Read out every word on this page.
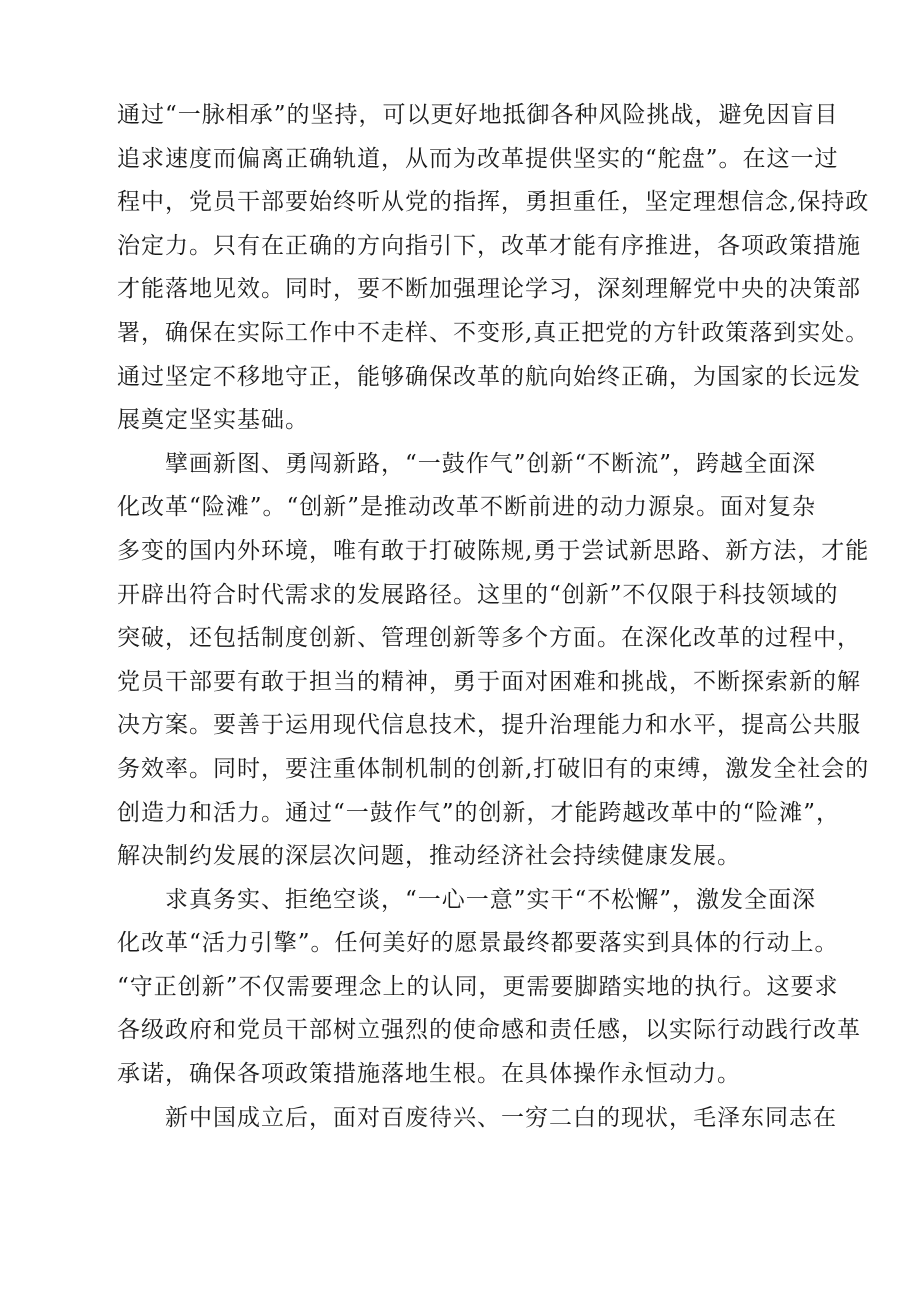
通过“一脉相承”的坚持，可以更好地抵御各种风险挑战，避免因盲目
追求速度而偏离正确轨道，从而为改革提供坚实的“舵盘”。在这一过
程中，党员干部要始终听从党的指挥，勇担重任，坚定理想信念,保持政
治定力。只有在正确的方向指引下，改革才能有序推进，各项政策措施
才能落地见效。同时，要不断加强理论学习，深刻理解党中央的决策部
署，确保在实际工作中不走样、不变形,真正把党的方针政策落到实处。
通过坚定不移地守正，能够确保改革的航向始终正确，为国家的长远发
展奠定坚实基础。
　　擘画新图、勇闯新路，“一鼓作气”创新“不断流”，跨越全面深
化改革“险滩”。“创新”是推动改革不断前进的动力源泉。面对复杂
多变的国内外环境，唯有敢于打破陈规,勇于尝试新思路、新方法，才能
开辟出符合时代需求的发展路径。这里的“创新”不仅限于科技领域的
突破，还包括制度创新、管理创新等多个方面。在深化改革的过程中，
党员干部要有敢于担当的精神，勇于面对困难和挑战，不断探索新的解
决方案。要善于运用现代信息技术，提升治理能力和水平，提高公共服
务效率。同时，要注重体制机制的创新,打破旧有的束缚，激发全社会的
创造力和活力。通过“一鼓作气”的创新，才能跨越改革中的“险滩”，
解决制约发展的深层次问题，推动经济社会持续健康发展。
　　求真务实、拒绝空谈，“一心一意”实干“不松懈”，激发全面深
化改革“活力引擎”。任何美好的愿景最终都要落实到具体的行动上。
“守正创新”不仅需要理念上的认同，更需要脚踏实地的执行。这要求
各级政府和党员干部树立强烈的使命感和责任感，以实际行动践行改革
承诺，确保各项政策措施落地生根。在具体操作永恒动力。
　　新中国成立后，面对百废待兴、一穷二白的现状，毛泽东同志在
